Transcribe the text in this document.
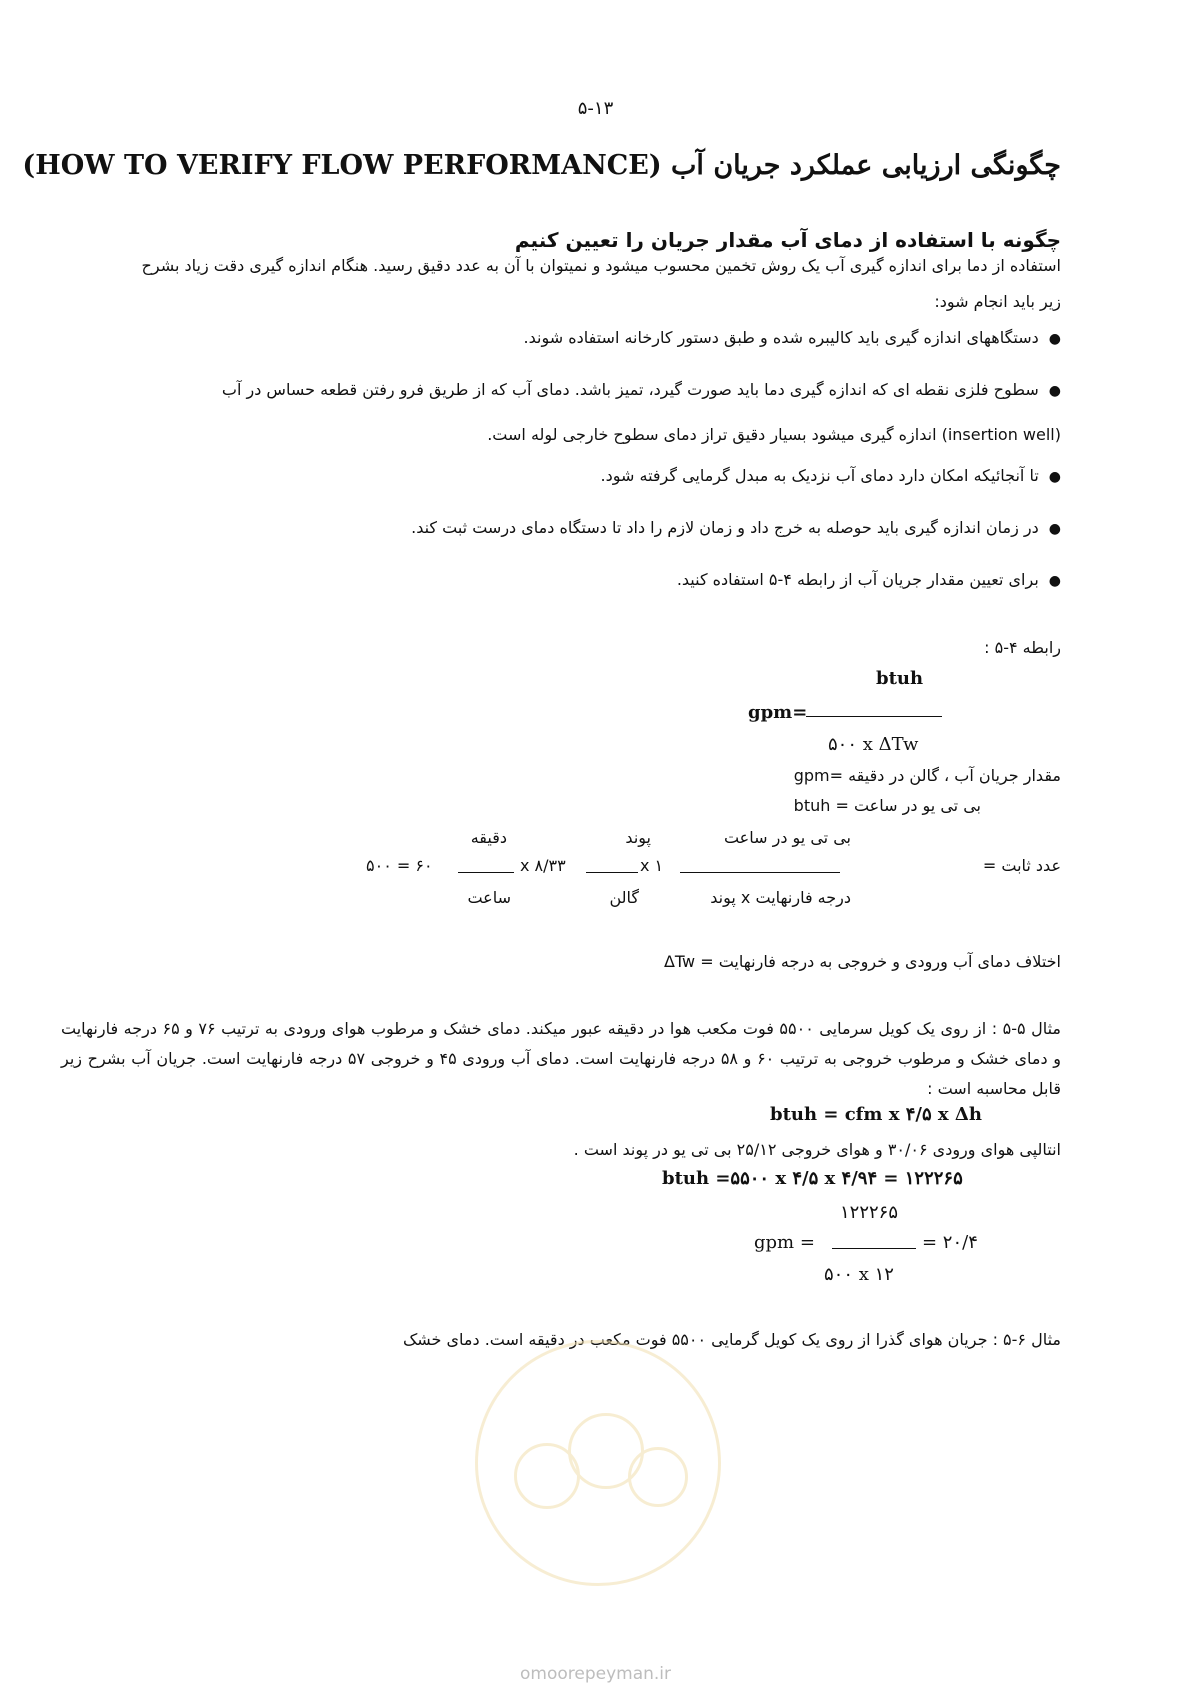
۵-۱۳
چگونگی ارزیابی عملکرد جریان آب (HOW TO VERIFY FLOW PERFORMANCE)
چگونه با استفاده از دمای آب مقدار جریان را تعیین کنیم
استفاده از دما برای اندازه گیری آب یک روش تخمین محسوب میشود و نمیتوان با آن به عدد دقیق رسید. هنگام اندازه گیری دقت زیاد بشرح زیر باید انجام شود:
●دستگاههای اندازه گیری باید کالیبره شده و طبق دستور کارخانه استفاده شوند.
●سطوح فلزی نقطه ای که اندازه گیری دما باید صورت گیرد، تمیز باشد. دمای آب که از طریق فرو رفتن قطعه حساس در آب (insertion well) اندازه گیری میشود بسیار دقیق تراز دمای سطوح خارجی لوله است.
●تا آنجائیکه امکان دارد دمای آب نزدیک به مبدل گرمایی گرفته شود.
●در زمان اندازه گیری باید حوصله به خرج داد و زمان لازم را داد تا دستگاه دمای درست ثبت کند.
●برای تعیین مقدار جریان آب از رابطه ۴-۵ استفاده کنید.
رابطه ۴-۵ :
btuh
gpm=
۵۰۰ x ΔTw
مقدار جریان آب ، گالن در دقیقه =gpm
بی تی یو در ساعت = btuh
عدد ثابت =
بی تی یو در ساعت
درجه فارنهایت x پوند
x ۱
پوند
گالن
x ۸/۳۳
دقیقه
ساعت
۵۰۰ = ۶۰
اختلاف دمای آب ورودی و خروجی به درجه فارنهایت = ΔTw
مثال ۵-۵ : از روی یک کویل سرمایی ۵۵۰۰ فوت مکعب هوا در دقیقه عبور میکند. دمای خشک و مرطوب هوای ورودی به ترتیب ۷۶ و ۶۵ درجه فارنهایت و دمای خشک و مرطوب خروجی به ترتیب ۶۰ و ۵۸ درجه فارنهایت است. دمای آب ورودی ۴۵ و خروجی ۵۷ درجه فارنهایت است. جریان آب بشرح زیر قابل محاسبه است :
btuh = cfm x ۴/۵ x Δh
انتالپی هوای ورودی ۳۰/۰۶ و هوای خروجی ۲۵/۱۲ بی تی یو در پوند است .
btuh =۵۵۰۰ x ۴/۵ x ۴/۹۴ = ۱۲۲۲۶۵
۱۲۲۲۶۵
gpm =	= ۲۰/۴
۵۰۰ x ۱۲
مثال ۶-۵ : جریان هوای گذرا از روی یک کویل گرمایی ۵۵۰۰ فوت مکعب در دقیقه است. دمای خشک
omoorepeyman.ir
